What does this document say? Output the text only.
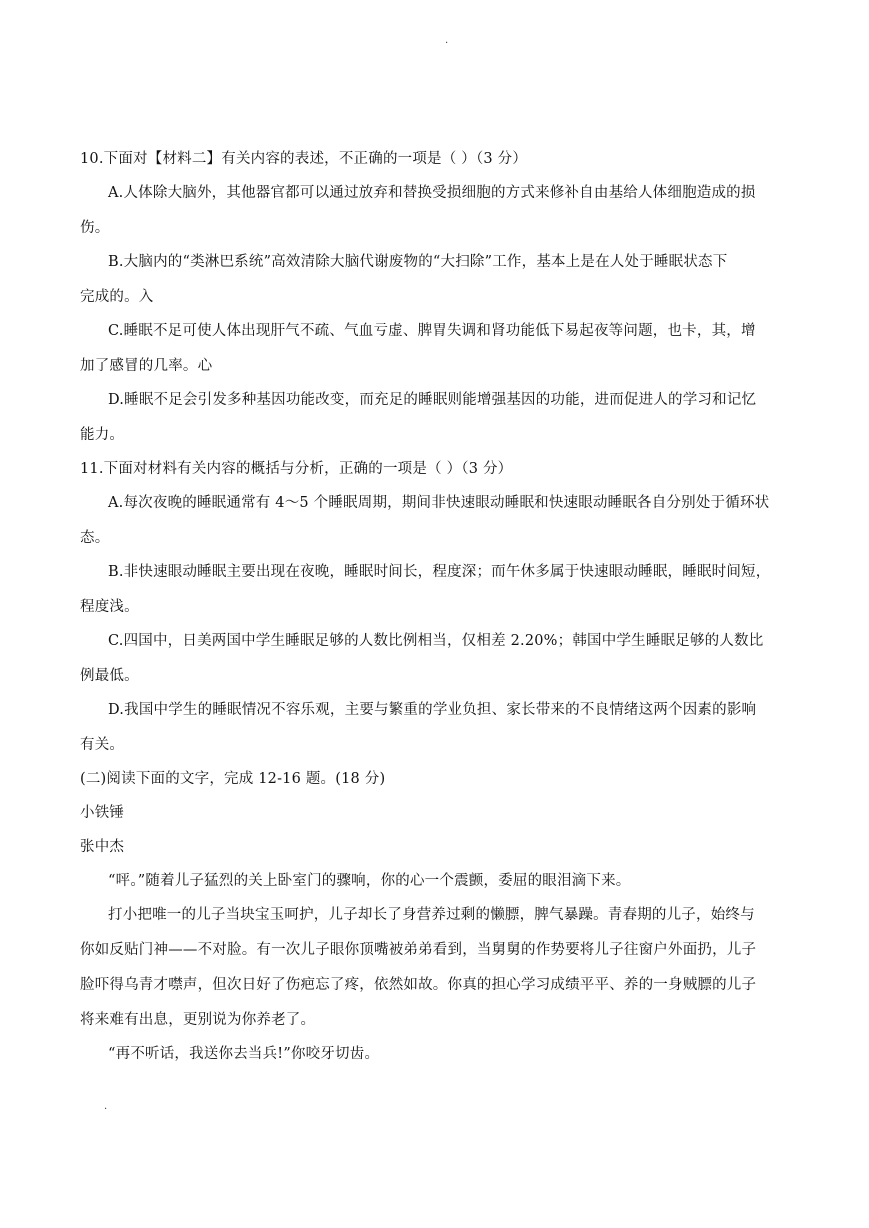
.
10.下面对【材料二】有关内容的表述，不正确的一项是（ ）（3 分）
A.人体除大脑外，其他器官都可以通过放弃和替换受损细胞的方式来修补自由基给人体细胞造成的损
伤。
B.大脑内的“类淋巴系统”高效清除大脑代谢废物的“大扫除”工作，基本上是在人处于睡眠状态下
完成的。入
C.睡眠不足可使人体出现肝气不疏、气血亏虚、脾胃失调和肾功能低下易起夜等问题，也卡，其，增
加了感冒的几率。心
D.睡眠不足会引发多种基因功能改变，而充足的睡眠则能增强基因的功能，进而促进人的学习和记忆
能力。
11.下面对材料有关内容的概括与分析，正确的一项是（ ）（3 分）
A.每次夜晚的睡眠通常有 4～5 个睡眠周期，期间非快速眼动睡眠和快速眼动睡眠各自分别处于循环状
态。
B.非快速眼动睡眠主要出现在夜晚，睡眠时间长，程度深；而午休多属于快速眼动睡眠，睡眠时间短，
程度浅。
C.四国中，日美两国中学生睡眠足够的人数比例相当，仅相差 2.20%；韩国中学生睡眠足够的人数比
例最低。
D.我国中学生的睡眠情况不容乐观，主要与繁重的学业负担、家长带来的不良情绪这两个因素的影响
有关。
(二)阅读下面的文字，完成 12-16 题。(18 分)
小铁锤
张中杰
“呯。”随着儿子猛烈的关上卧室门的骤响，你的心一个震颤，委屈的眼泪滴下来。
打小把唯一的儿子当块宝玉呵护，儿子却长了身营养过剩的懒膘，脾气暴躁。青春期的儿子，始终与
你如反贴门神——不对脸。有一次儿子眼你顶嘴被弟弟看到，当舅舅的作势要将儿子往窗户外面扔，儿子
脸吓得乌青才噤声，但次日好了伤疤忘了疼，依然如故。你真的担心学习成绩平平、养的一身贼膘的儿子
将来难有出息，更别说为你养老了。
“再不听话，我送你去当兵!”你咬牙切齿。
.
